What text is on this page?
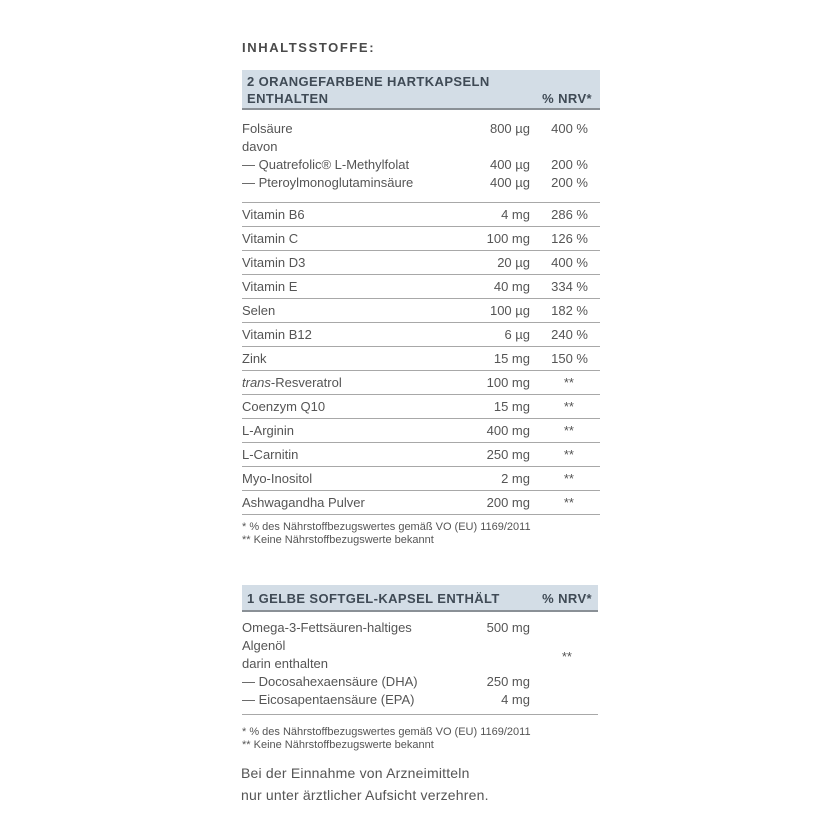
INHALTSSTOFFE:
2 ORANGEFARBENE HARTKAPSELN
ENTHALTEN	% NRV*
Folsäure	800 µg	400 %
davon
— Quatrefolic® L-Methylfolat	400 µg	200 %
— Pteroylmonoglutaminsäure	400 µg	200 %
Vitamin B6	4 mg 286 %
Vitamin C	100 mg 126 %
Vitamin D3	20 µg 400 %
Vitamin E	40 mg 334 %
Selen	100 µg 182 %
Vitamin B12	6 µg 240 %
Zink	15 mg 150 %
trans-Resveratrol	100 mg	**
Coenzym Q10	15 mg	**
L-Arginin	400 mg	**
L-Carnitin	250 mg	**
Myo-Inositol	2 mg	**
Ashwagandha Pulver	200 mg	**
* % des Nährstoffbezugswertes gemäß VO (EU) 1169/2011
** Keine Nährstoffbezugswerte bekannt
1 GELBE SOFTGEL-KAPSEL ENTHÄLT	% NRV*
Omega-3-Fettsäuren-haltiges	500 mg
Algenöl
darin enthalten	**
— Docosahexaensäure (DHA)	250 mg
— Eicosapentaensäure (EPA)	4 mg
* % des Nährstoffbezugswertes gemäß VO (EU) 1169/2011
** Keine Nährstoffbezugswerte bekannt
Bei der Einnahme von Arzneimitteln
nur unter ärztlicher Aufsicht verzehren.
